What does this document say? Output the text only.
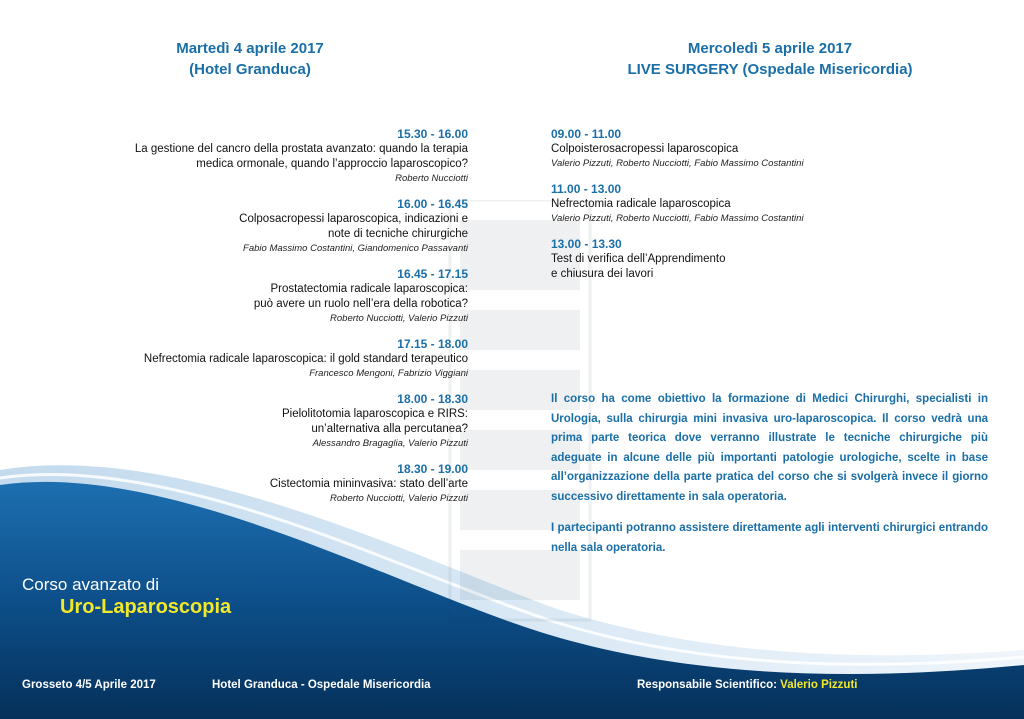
Martedì 4 aprile 2017
(Hotel Granduca)
Mercoledì 5 aprile 2017
LIVE SURGERY (Ospedale Misericordia)
15.30 - 16.00
La gestione del cancro della prostata avanzato: quando la terapia
medica ormonale, quando l’approccio laparoscopico?
Roberto Nucciotti
16.00 - 16.45
Colposacropessi laparoscopica, indicazioni e
note di tecniche chirurgiche
Fabio Massimo Costantini, Giandomenico Passavanti
16.45 - 17.15
Prostatectomia radicale laparoscopica:
può avere un ruolo nell’era della robotica?
Roberto Nucciotti, Valerio Pizzuti
17.15 - 18.00
Nefrectomia radicale laparoscopica: il gold standard terapeutico
Francesco Mengoni, Fabrizio Viggiani
18.00 - 18.30
Pielolitotomia laparoscopica e RIRS:
un’alternativa alla percutanea?
Alessandro Bragaglia, Valerio Pizzuti
18.30 - 19.00
Cistectomia mininvasiva: stato dell’arte
Roberto Nucciotti, Valerio Pizzuti
09.00 - 11.00
Colpoisterosacropessi laparoscopica
Valerio Pizzuti, Roberto Nucciotti, Fabio Massimo Costantini
11.00 - 13.00
Nefrectomia radicale laparoscopica
Valerio Pizzuti, Roberto Nucciotti, Fabio Massimo Costantini
13.00 - 13.30
Test di verifica dell’Apprendimento
e chiusura dei lavori

Il corso ha come obiettivo la formazione di Medici Chirurghi, specialisti in Urologia, sulla chirurgia mini invasiva uro-laparoscopica. Il corso vedrà una prima parte teorica dove verranno illustrate le tecniche chirurgiche più adeguate in alcune delle più importanti patologie urologiche, scelte in base all’organizzazione della parte pratica del corso che si svolgerà invece il giorno successivo direttamente in sala operatoria.

I partecipanti potranno assistere direttamente agli interventi chirurgici entrando nella sala operatoria.

Corso avanzato di
Uro-Laparoscopia
Grosseto 4/5 Aprile 2017	Hotel Granduca - Ospedale Misericordia	Responsabile Scientifico: Valerio Pizzuti
